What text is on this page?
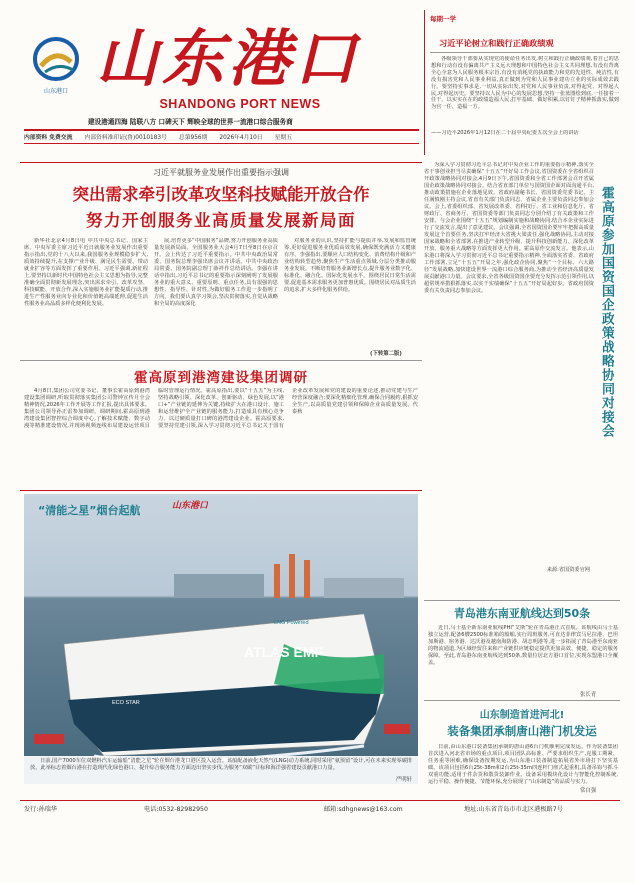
山东港口 山东港口
SHANDONG PORT NEWS
建设港通四海 陆联八方 口碑天下 辉映全球的世界一流港口综合服务商
内部资料 免费交流 内部资料准印证(鲁)0010183号 总第956期 2026年4月10日 星期五
每期一学
习近平论树立和践行正确政绩观
各级领导干部要从实现党的使命任务出发,树立和践行正确政绩观,着自己的思想和行动有没有偏离共产主义远大理想和中国特色社会主义共同理想,有没有背离全心全意为人民服务根本宗旨,有没有消耗党的执政能力和党的先进性、纯洁性,有没有损害党和人民事业利益,真正做到为党和人民事业建功立业的实际成效去践行。要坚持实事求是,一切从实际出发,对党和人民事业负责,对得起党、对得起人民,对得起历史。要坚持以人民为中心的发展思想,坚持一张蓝图绘到底,一任接着一任干。以实实在在的政绩造福人民,打牢基础、做好积累,以钉钉子精神抓落实,做到为官一任、造福一方。
——习近平2026年1月12日在二十届中央纪委五次全会上的讲话
习近平就服务业发展作出重要指示强调
突出需求牵引改革攻坚科技赋能开放合作
努力开创服务业高质量发展新局面

新华社北京4月8日电 中共中央总书记、国家主席、中央军委主席习近平近日就服务业发展作出重要指示指出,党的十八大以来,我国服务业规模稳步扩大,质效持续提升,在支撑产业升级、满足民生需要、带动就业扩容等方面发挥了重要作用。习近平强调,新征程上,要坚持以新时代中国特色社会主义思想为指导,完整准确全面贯彻新发展理念,突出需求牵引、改革攻坚、科技赋能、开放合作,深入实施服务业扩能提质行动,推进生产性服务业向专业化和价值链高端延伸,促进生活性服务业高品质多样化便利化发展。

展,培育更多“中国服务”品牌,努力开创服务业高质量发展新局面。全国服务业大会4月7日至8日在京召开。会上传达了习近平重要指示。中共中央政治局常委、国务院总理李强出席会议并讲话。中共中央政治局常委、国务院副总理丁薛祥作总结讲话。李强在讲话中指出,习近平总书记的重要指示深刻阐明了发展服务业的重大意义、重要原则、重点任务,具有很强的思想性、指导性、针对性,为做好服务工作进一步指明了方向。我们要认真学习领会,坚决贯彻落实,自觉从战略和全局的高度深化

对服务业的认识,坚持扩能与提质并举,发展和监管统筹,更好促进服务业优质高效发展,确保既充满活力又健康有序。李强指出,要顺应人口结构变化、消费结构升级和产业结构转型趋势,聚焦生产生活重点领域,分层分类推动服务业发展。不断培育服务业新增长点,提升服务业数字化、标准化、融合化、国际化发展水平。围绕居民日常生活需要,促进基本需求服务更加普惠优质。围绕居民对品质生活的追求,扩大多样化服务供给。

(下转第二版)
霍高原到港湾建设集团调研

4月8日,集团公司党委书记、董事长霍高原到港湾建设集团调研,听取贯彻落实集团公司警钟宣传月全会精神情况,2026年工作开展等工作汇报,提出具体要求。集团公司领导孙正雷参加调研。调研期间,霍高原到港湾建设集团智控综合调度中心,了解技术赋能、数字动漫等精准建设情况,并现场视频连线布局建设运营项目临时管理运行情况。霍高原指出,要以“十五五”为主线,坚持战略引领、深化改革、创新驱动、绿色发展,以“港口+”产业链的延伸为关键,持续扩大在港口设计、施工和运营维护全产业链的服务能力,打造成具有核心竞争力、以过硬质量打口碑的港湾建设企业。霍高原要求,要坚持党建引领,深入学习贯彻习近平总书记关于国有企业改革发展和党的建设的重要论述,推动党建与生产经营深度融合;要深化精细化管理,确保合同履约,狠抓安全生产,以高质量党建引领和保障企业高质量发展。代泰秋

为深入学习贯彻习近平总书记对中央企业工作的重要指示精神,落实全省干事创业担当尽责确保“十五五”开好局工作会议,省国资委在全省组织召开政策战略协同对接会,4月9日下午,省国资委和全省工作部署会召开省属国企政策战略协同对接会。结合省直部门单位与国资国企面对面沟通平台,推动政策措施在企业落地见效。省政府副秘书长、省国资委党委书记、主任满慎刚主持会议,省直有关部门负责同志、省属企业主要负责同志参加会议。会上,省委组织部、省发展改革委、省科技厅、省工业和信息化厅、省财政厅、省商务厅、省国资委等部门负责同志分别介绍了有关政策和工作安排。与会企业围绕“十五五”规划编制实施和战略协同,结合本企业实际进行了交流发言,提出了意见建议。会议强调,全省国资国企要牢牢把握高质量发展这个首要任务,坚决扛牢经济大省挑大梁责任,强化战略协同,主动对接国家战略和全省部署,在推进产业转型升级、提升科技创新能力、深化改革开放、服务重大战略等方面发挥更大作用。霍高原作交流发言。他表示,山东港口将深入学习贯彻习近平总书记重要指示精神,全面落实省委、省政府工作部署,立足“十五五”开局之年,强化政企协同,聚焦“一个目标、六大路径”发展战略,加快建设世界一流港口综合服务商,为推动全省经济高质量发展贡献港口力量。会议要求,全省各级国资国企要充分发挥示范引领作用,以超常规举措狠抓落实,以实干实绩确保“十五五”开好局起好步。省政府国资委有关负责同志参加会议。
来源:省国资委官网
霍高原参加国资国企政策战略协同对接会
“清能之星”烟台起航	山东港口
ATLAS EMF
LNG Powered
ECO STAR
日前,国产7000车位双燃料汽车运输船“清能之星”轮在烟台港龙口港区投入运营。该船配备液化天然气(LNG)动力系统,同时采用“氨预留”设计,可在未来实现零碳排放。此举标志着烟台港在打造现代化绿色港口、提升综合服务能力方面迈出坚实步伐,为服务“双碳”目标和海洋强省建设贡献港口力量。
严明轩
青岛港东南亚航线达到50条

近日,马士基全新东南亚航线PHI“艾斯”轮在青岛港正式首航。该航线由马士基独立运营,配备6艘2500标准箱的船舶,实行周班服务,可直达菲律宾马尼拉港、巴坦加斯港、宿务港、达沃港及越南海防港、胡志明港等,进一步拓展了青岛港至东南亚的物流通道,为区域经贸往来和产业链供应链稳定提供更加高效、便捷、稳定的服务保障。至此,青岛港东南亚航线达到50条,数量位居北方港口首位,实现东盟港口全覆盖。

张长青
山东制造首进河北!
装备集团承制唐山港门机发运

日前,由山东港口装备集团承制的唐山港6台门机顺利完成发运。作为装备集团首次进入河北省市场的重点项目,项目团队高标准、严要求组织生产,克服工期紧、任务重等困难,确保设备按期发运,为山东港口装备制造拓展省外市场打下坚实基础。该项目包括6台25t-38m和2台25t-35m四连杆门座式起重机,具备吊钩与抓斗双重功能,适用于件杂货和散货装卸作业。设备采用模块化设计与智能化控制系统,运行平稳、操作便捷、节能环保,充分展现了“山东制造”的品质与实力。

常自强
发行:孙瑞华	电话:0532-82982950	邮箱:sdhgnews@163.com	地址:山东省青岛市市北区港极路7号
